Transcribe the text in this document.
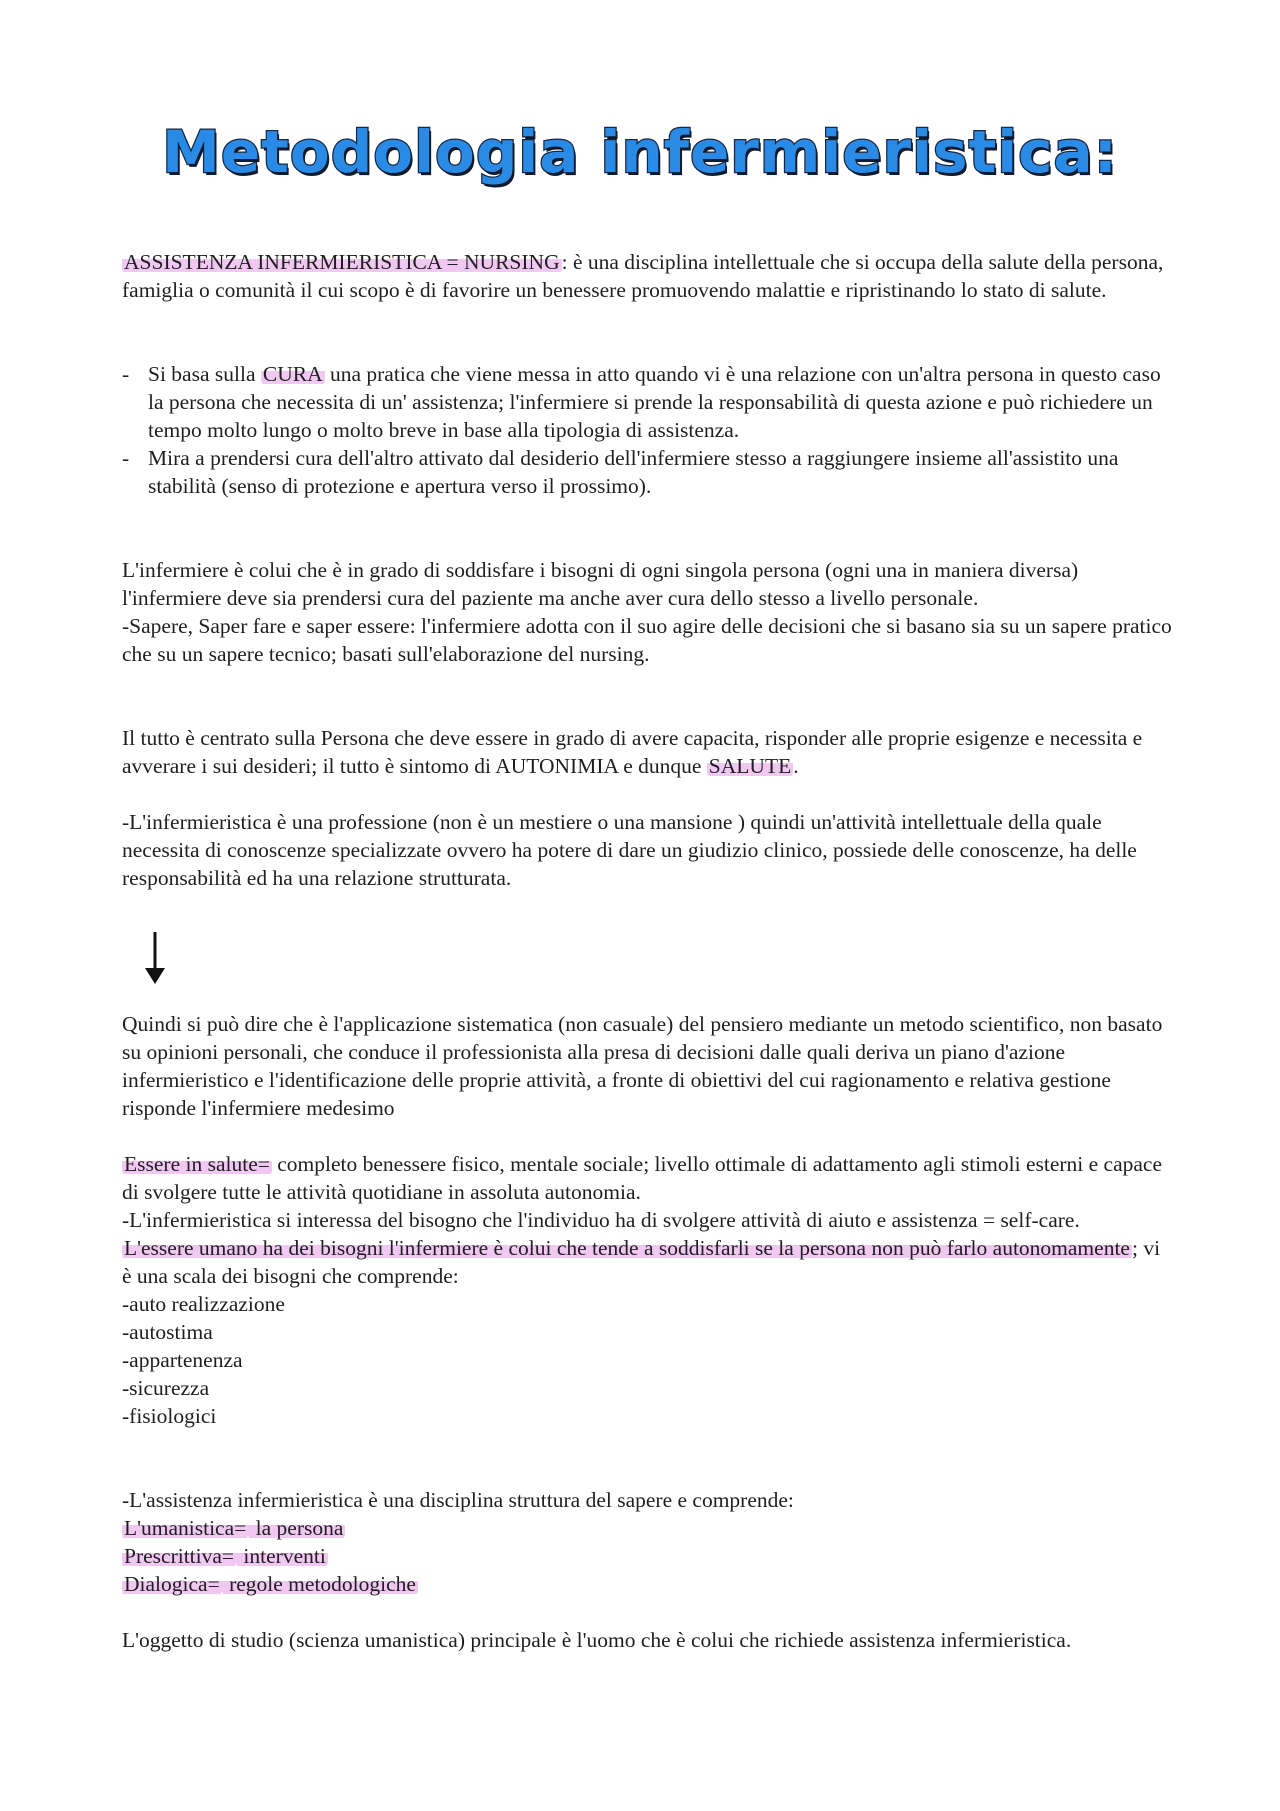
Metodologia infermieristica:

ASSISTENZA INFERMIERISTICA = NURSING: è una disciplina intellettuale che si occupa della salute della persona, famiglia o comunità il cui scopo è di favorire un benessere promuovendo malattie e ripristinando lo stato di salute.

- Si basa sulla CURA una pratica che viene messa in atto quando vi è una relazione con un'altra persona in questo caso la persona che necessita di un' assistenza; l'infermiere si prende la responsabilità di questa azione e può richiedere un tempo molto lungo o molto breve in base alla tipologia di assistenza.
- Mira a prendersi cura dell'altro attivato dal desiderio dell'infermiere stesso a raggiungere insieme all'assistito una stabilità (senso di protezione e apertura verso il prossimo).

L'infermiere è colui che è in grado di soddisfare i bisogni di ogni singola persona (ogni una in maniera diversa) l'infermiere deve sia prendersi cura del paziente ma anche aver cura dello stesso a livello personale.

-Sapere, Saper fare e saper essere: l'infermiere adotta con il suo agire delle decisioni che si basano sia su un sapere pratico che su un sapere tecnico; basati sull'elaborazione del nursing.

Il tutto è centrato sulla Persona che deve essere in grado di avere capacita, risponder alle proprie esigenze e necessita e avverare i sui desideri; il tutto è sintomo di AUTONIMIA e dunque SALUTE.

-L'infermieristica è una professione (non è un mestiere o una mansione ) quindi un'attività intellettuale della quale necessita di conoscenze specializzate ovvero ha potere di dare un giudizio clinico, possiede delle conoscenze, ha delle responsabilità ed ha una relazione strutturata.

Quindi si può dire che è l'applicazione sistematica (non casuale) del pensiero mediante un metodo scientifico, non basato su opinioni personali, che conduce il professionista alla presa di decisioni dalle quali deriva un piano d'azione infermieristico e l'identificazione delle proprie attività, a fronte di obiettivi del cui ragionamento e relativa gestione risponde l'infermiere medesimo

Essere in salute= completo benessere fisico, mentale sociale; livello ottimale di adattamento agli stimoli esterni e capace di svolgere tutte le attività quotidiane in assoluta autonomia.

-L'infermieristica si interessa del bisogno che l'individuo ha di svolgere attività di aiuto e assistenza = self-care.

L'essere umano ha dei bisogni l'infermiere è colui che tende a soddisfarli se la persona non può farlo autonomamente; vi è una scala dei bisogni che comprende:

-auto realizzazione

-autostima

-appartenenza

-sicurezza

-fisiologici

-L'assistenza infermieristica è una disciplina struttura del sapere e comprende:

L'umanistica= la persona

Prescrittiva= interventi

Dialogica= regole metodologiche

L'oggetto di studio (scienza umanistica) principale è l'uomo che è colui che richiede assistenza infermieristica.
